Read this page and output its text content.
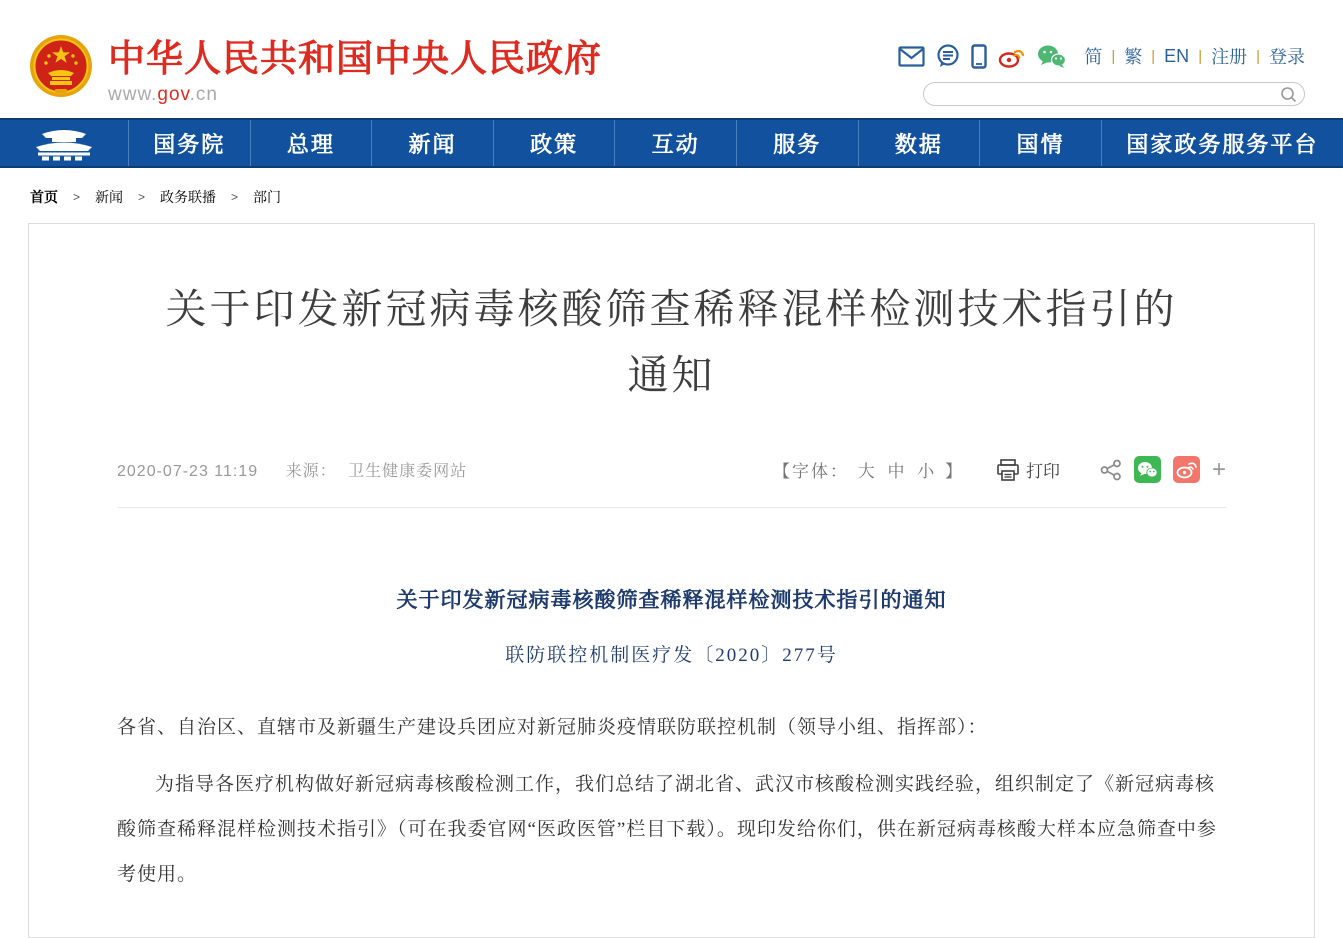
中华人民共和国中央人民政府
www.gov.cn
简 | 繁 | EN | 注册 | 登录
国务院	总理	新闻	政策	互动	服务	数据	国情	国家政务服务平台
首页 > 新闻 > 政务联播 > 部门
关于印发新冠病毒核酸筛查稀释混样检测技术指引的
通知
2020-07-23 11:19 来源： 卫生健康委网站	【字体： 大 中 小 】	打印	+
关于印发新冠病毒核酸筛查稀释混样检测技术指引的通知
联防联控机制医疗发〔2020〕277号

各省、自治区、直辖市及新疆生产建设兵团应对新冠肺炎疫情联防联控机制（领导小组、指挥部）：

为指导各医疗机构做好新冠病毒核酸检测工作，我们总结了湖北省、武汉市核酸检测实践经验，组织制定了《新冠病毒核酸筛查稀释混样检测技术指引》（可在我委官网“医政医管”栏目下载）。现印发给你们，供在新冠病毒核酸大样本应急筛查中参考使用。
